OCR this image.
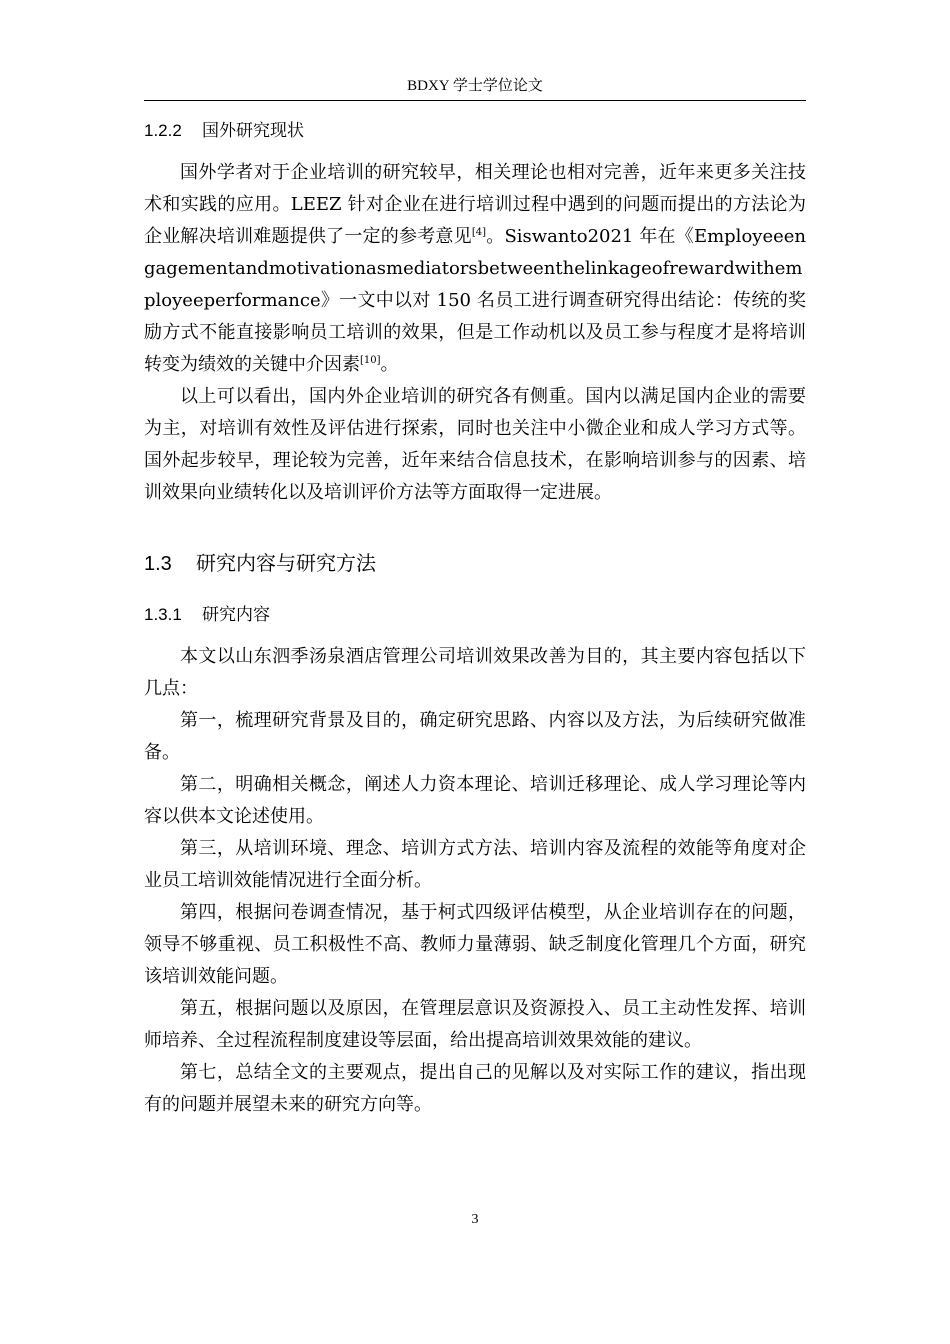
BDXY 学士学位论文
1.2.2 国外研究现状
国外学者对于企业培训的研究较早，相关理论也相对完善，近年来更多关注技术和实践的应用。LEEZ 针对企业在进行培训过程中遇到的问题而提出的方法论为企业解决培训难题提供了一定的参考意见[4]。Siswanto2021 年在《Employeeengagementandmotivationasmediatorsbetweenthelinkageofrewardwithemployeeperformance》一文中以对 150 名员工进行调查研究得出结论：传统的奖励方式不能直接影响员工培训的效果，但是工作动机以及员工参与程度才是将培训转变为绩效的关键中介因素[10]。
以上可以看出，国内外企业培训的研究各有侧重。国内以满足国内企业的需要为主，对培训有效性及评估进行探索，同时也关注中小微企业和成人学习方式等。国外起步较早，理论较为完善，近年来结合信息技术，在影响培训参与的因素、培训效果向业绩转化以及培训评价方法等方面取得一定进展。
1.3 研究内容与研究方法
1.3.1 研究内容
本文以山东泗季汤泉酒店管理公司培训效果改善为目的，其主要内容包括以下几点：
第一，梳理研究背景及目的，确定研究思路、内容以及方法，为后续研究做准备。
第二，明确相关概念，阐述人力资本理论、培训迁移理论、成人学习理论等内容以供本文论述使用。
第三，从培训环境、理念、培训方式方法、培训内容及流程的效能等角度对企业员工培训效能情况进行全面分析。
第四，根据问卷调查情况，基于柯式四级评估模型，从企业培训存在的问题，领导不够重视、员工积极性不高、教师力量薄弱、缺乏制度化管理几个方面，研究该培训效能问题。
第五，根据问题以及原因，在管理层意识及资源投入、员工主动性发挥、培训师培养、全过程流程制度建设等层面，给出提高培训效果效能的建议。
第七，总结全文的主要观点，提出自己的见解以及对实际工作的建议，指出现有的问题并展望未来的研究方向等。
3
